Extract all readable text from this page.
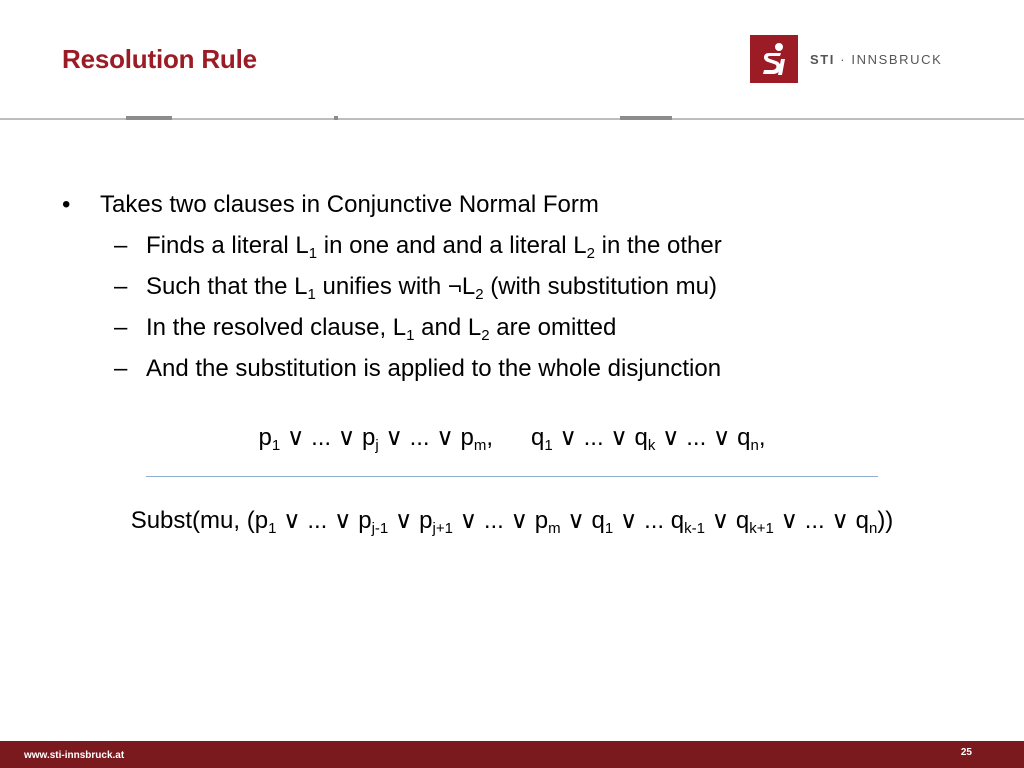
Resolution Rule	STI · INNSBRUCK
• Takes two clauses in Conjunctive Normal Form
– Finds a literal $L_1$ in one and and a literal $L_2$ in the other
– Such that the $L_1$ unifies with $\neg L_2$ (with substitution mu)
– In the resolved clause, $L_1$ and $L_2$ are omitted
– And the substitution is applied to the whole disjunction
$p_1$ ∨ ... ∨ $p_j$ ∨ ... ∨ $p_m$, $q_1$ ∨ ... ∨ $q_k$ ∨ ... ∨ $q_n$,
Subst(mu, ($p_1$ ∨ ... ∨ $p_{j-1}$ ∨ $p_{j+1}$ ∨ ... ∨ $p_m$ ∨ $q_1$ ∨ ... $q_{k-1}$ ∨ $q_{k+1}$ ∨ ... ∨ $q_n$))
www.sti-innsbruck.at	25
